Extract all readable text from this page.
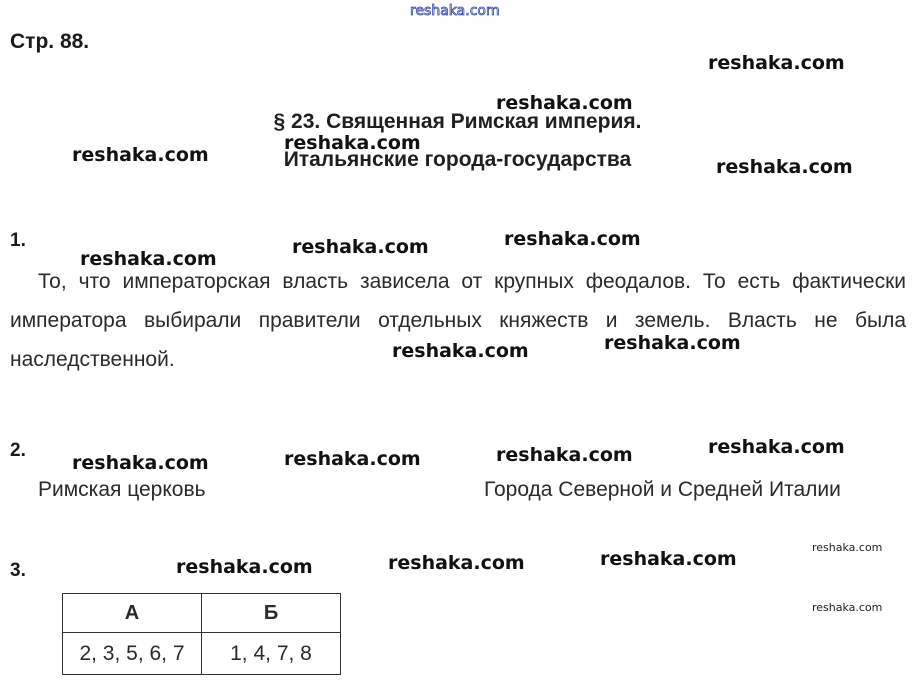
reshaka.com
Стр. 88.
§ 23. Священная Римская империя.
Итальянские города-государства
1.
То, что императорская власть зависела от крупных феодалов. То есть фактически императора выбирали правители отдельных княжеств и земель. Власть не была наследственной.
2.
Римская церковь	Города Северной и Средней Италии
3.
А	Б
2, 3, 5, 6, 7	1, 4, 7, 8
reshaka.com
reshaka.com
reshaka.com
reshaka.com
reshaka.com
reshaka.com
reshaka.com
reshaka.com
reshaka.com
reshaka.com
reshaka.com
reshaka.com
reshaka.com
reshaka.com
reshaka.com
reshaka.com
reshaka.com
reshaka.com
reshaka.com
